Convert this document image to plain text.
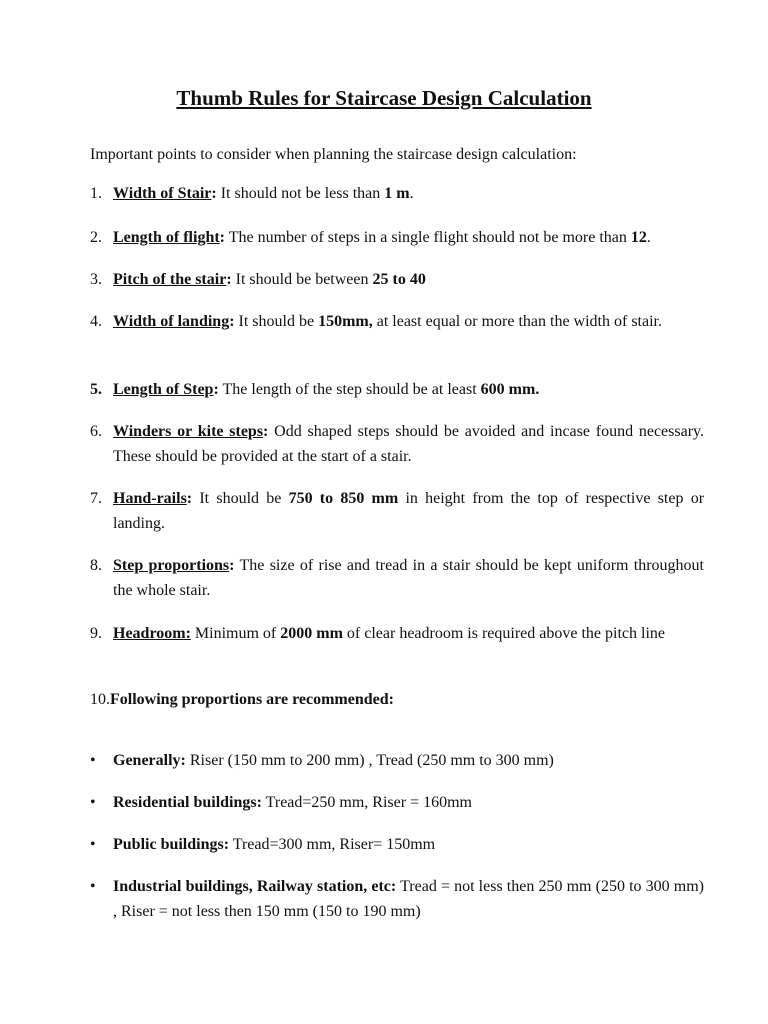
Thumb Rules for Staircase Design Calculation
Important points to consider when planning the staircase design calculation:
1. Width of Stair: It should not be less than 1 m.
2. Length of flight: The number of steps in a single flight should not be more than 12.
3. Pitch of the stair: It should be between 25 to 40
4. Width of landing: It should be 150mm, at least equal or more than the width of stair.
5. Length of Step: The length of the step should be at least 600 mm.
6. Winders or kite steps: Odd shaped steps should be avoided and incase found necessary. These should be provided at the start of a stair.
7. Hand-rails: It should be 750 to 850 mm in height from the top of respective step or landing.
8. Step proportions: The size of rise and tread in a stair should be kept uniform throughout the whole stair.
9. Headroom: Minimum of 2000 mm of clear headroom is required above the pitch line
10.Following proportions are recommended:
• Generally: Riser (150 mm to 200 mm) , Tread (250 mm to 300 mm)
• Residential buildings: Tread=250 mm, Riser = 160mm
• Public buildings: Tread=300 mm, Riser= 150mm
• Industrial buildings, Railway station, etc: Tread = not less then 250 mm (250 to 300 mm) , Riser = not less then 150 mm (150 to 190 mm)
